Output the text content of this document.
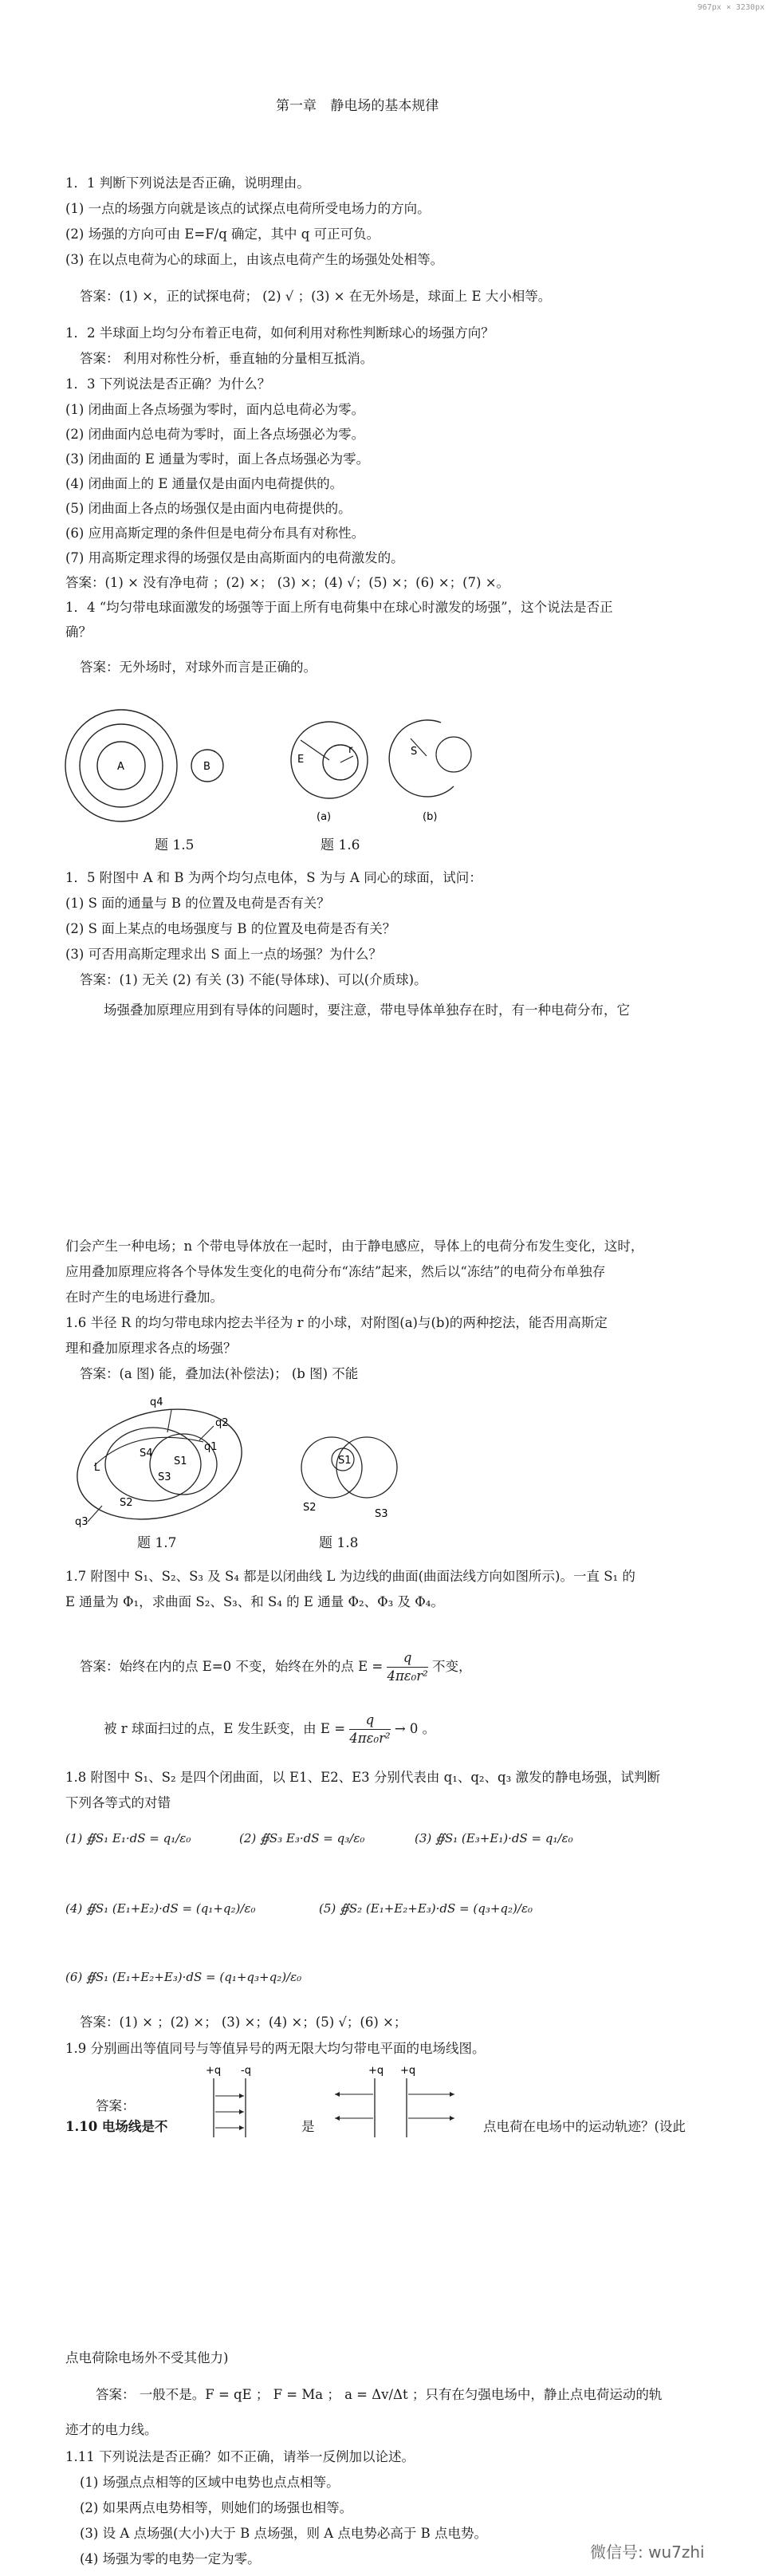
967px × 3230px
第一章 静电场的基本规律
1．1 判断下列说法是否正确，说明理由。
(1) 一点的场强方向就是该点的试探点电荷所受电场力的方向。
(2) 场强的方向可由 E=F/q 确定，其中 q 可正可负。
(3) 在以点电荷为心的球面上，由该点电荷产生的场强处处相等。
答案：(1) ×，正的试探电荷； (2) √ ；(3) × 在无外场是，球面上 E 大小相等。
1．2 半球面上均匀分布着正电荷，如何利用对称性判断球心的场强方向？
答案： 利用对称性分析，垂直轴的分量相互抵消。
1．3 下列说法是否正确？为什么？
(1) 闭曲面上各点场强为零时，面内总电荷必为零。
(2) 闭曲面内总电荷为零时，面上各点场强必为零。
(3) 闭曲面的 E 通量为零时，面上各点场强必为零。
(4) 闭曲面上的 E 通量仅是由面内电荷提供的。
(5) 闭曲面上各点的场强仅是由面内电荷提供的。
(6) 应用高斯定理的条件但是电荷分布具有对称性。
(7) 用高斯定理求得的场强仅是由高斯面内的电荷激发的。
答案：(1) × 没有净电荷 ；(2) ×； (3) ×；(4) √；(5) ×；(6) ×；(7) ×。
1．4 “均匀带电球面激发的场强等于面上所有电荷集中在球心时激发的场强”，这个说法是否正
确？
答案：无外场时，对球外而言是正确的。
A	B
题 1.5
E
r	S
(a)	(b)
题 1.6
1．5 附图中 A 和 B 为两个均匀点电体，S 为与 A 同心的球面，试问：
(1) S 面的通量与 B 的位置及电荷是否有关？
(2) S 面上某点的电场强度与 B 的位置及电荷是否有关？
(3) 可否用高斯定理求出 S 面上一点的场强？为什么？
答案：(1) 无关 (2) 有关 (3) 不能(导体球)、可以(介质球)。
场强叠加原理应用到有导体的问题时，要注意，带电导体单独存在时，有一种电荷分布，它
们会产生一种电场；n 个带电导体放在一起时，由于静电感应，导体上的电荷分布发生变化，这时，
应用叠加原理应将各个导体发生变化的电荷分布“冻结”起来，然后以“冻结”的电荷分布单独存
在时产生的电场进行叠加。
1.6 半径 R 的均匀带电球内挖去半径为 r 的小球，对附图(a)与(b)的两种挖法，能否用高斯定
理和叠加原理求各点的场强？
答案：(a 图) 能，叠加法(补偿法)； (b 图) 不能
q4
q2
q1
q3
L
S4
S1
S3
S2
题 1.7
S1
S2
S3
题 1.8
1.7 附图中 S₁、S₂、S₃ 及 S₄ 都是以闭曲线 L 为边线的曲面(曲面法线方向如图所示)。一直 S₁ 的
E 通量为 Φ₁，求曲面 S₂、S₃、和 S₄ 的 E 通量 Φ₂、Φ₃ 及 Φ₄。
答案：始终在内的点 E=0 不变，始终在外的点 $E = \frac{q}{\text{4πε₀r²}}$ 不变，
被 r 球面扫过的点，E 发生跃变，由 $E = \frac{q}{\text{4πε₀r²}} \to 0$ 。
1.8 附图中 S₁、S₂ 是四个闭曲面，以 E1、E2、E3 分别代表由 q₁、q₂、q₃ 激发的静电场强，试判断
下列各等式的对错
(1) ∯S₁ E₁·dS = q₁/ε₀	(2) ∯S₃ E₃·dS = q₃/ε₀	(3) ∯S₁ (E₃+E₁)·dS = q₁/ε₀
(4) ∯S₁ (E₁+E₂)·dS = (q₁+q₂)/ε₀	(5) ∯S₂ (E₁+E₂+E₃)·dS = (q₃+q₂)/ε₀
(6) ∯S₁ (E₁+E₂+E₃)·dS = (q₁+q₃+q₂)/ε₀
答案：(1) × ；(2) ×； (3) ×；(4) ×；(5) √；(6) ×；
1.9 分别画出等值同号与等值异号的两无限大均匀带电平面的电场线图。
答案：
+q -q	+q +q
1.10 电场线是不	是	点电荷在电场中的运动轨迹？(设此
点电荷除电场外不受其他力)
答案： 一般不是。F = qE ； F = Ma ； a = Δv/Δt ；只有在匀强电场中，静止点电荷运动的轨
迹才的电力线。
1.11 下列说法是否正确？如不正确，请举一反例加以论述。
(1) 场强点点相等的区域中电势也点点相等。
(2) 如果两点电势相等，则她们的场强也相等。
(3) 设 A 点场强(大小)大于 B 点场强，则 A 点电势必高于 B 点电势。
(4) 场强为零的电势一定为零。	微信号: wu7zhi
